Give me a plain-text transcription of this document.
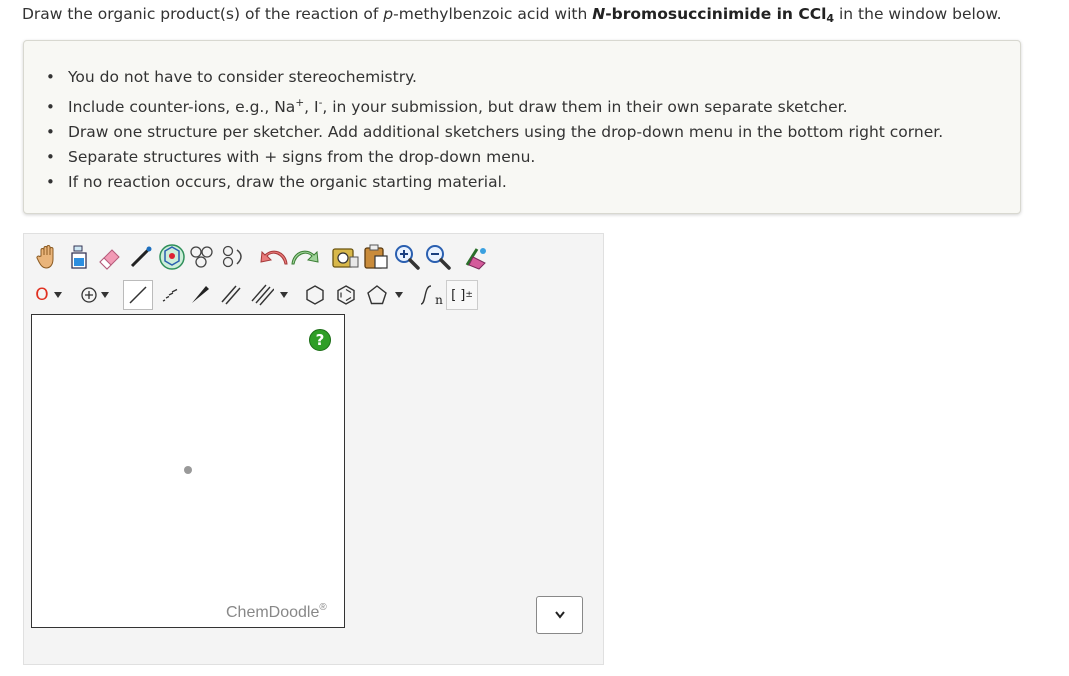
Draw the organic product(s) of the reaction of p-methylbenzoic acid with N-bromosuccinimide in CCl$_4$ in the window below.
• You do not have to consider stereochemistry.
• Include counter-ions, e.g., Na+, I-, in your submission, but draw them in their own separate sketcher.
• Draw one structure per sketcher. Add additional sketchers using the drop-down menu in the bottom right corner.
• Separate structures with + signs from the drop-down menu.
• If no reaction occurs, draw the organic starting material.
O	n [ ] ±
?
ChemDoodle®
